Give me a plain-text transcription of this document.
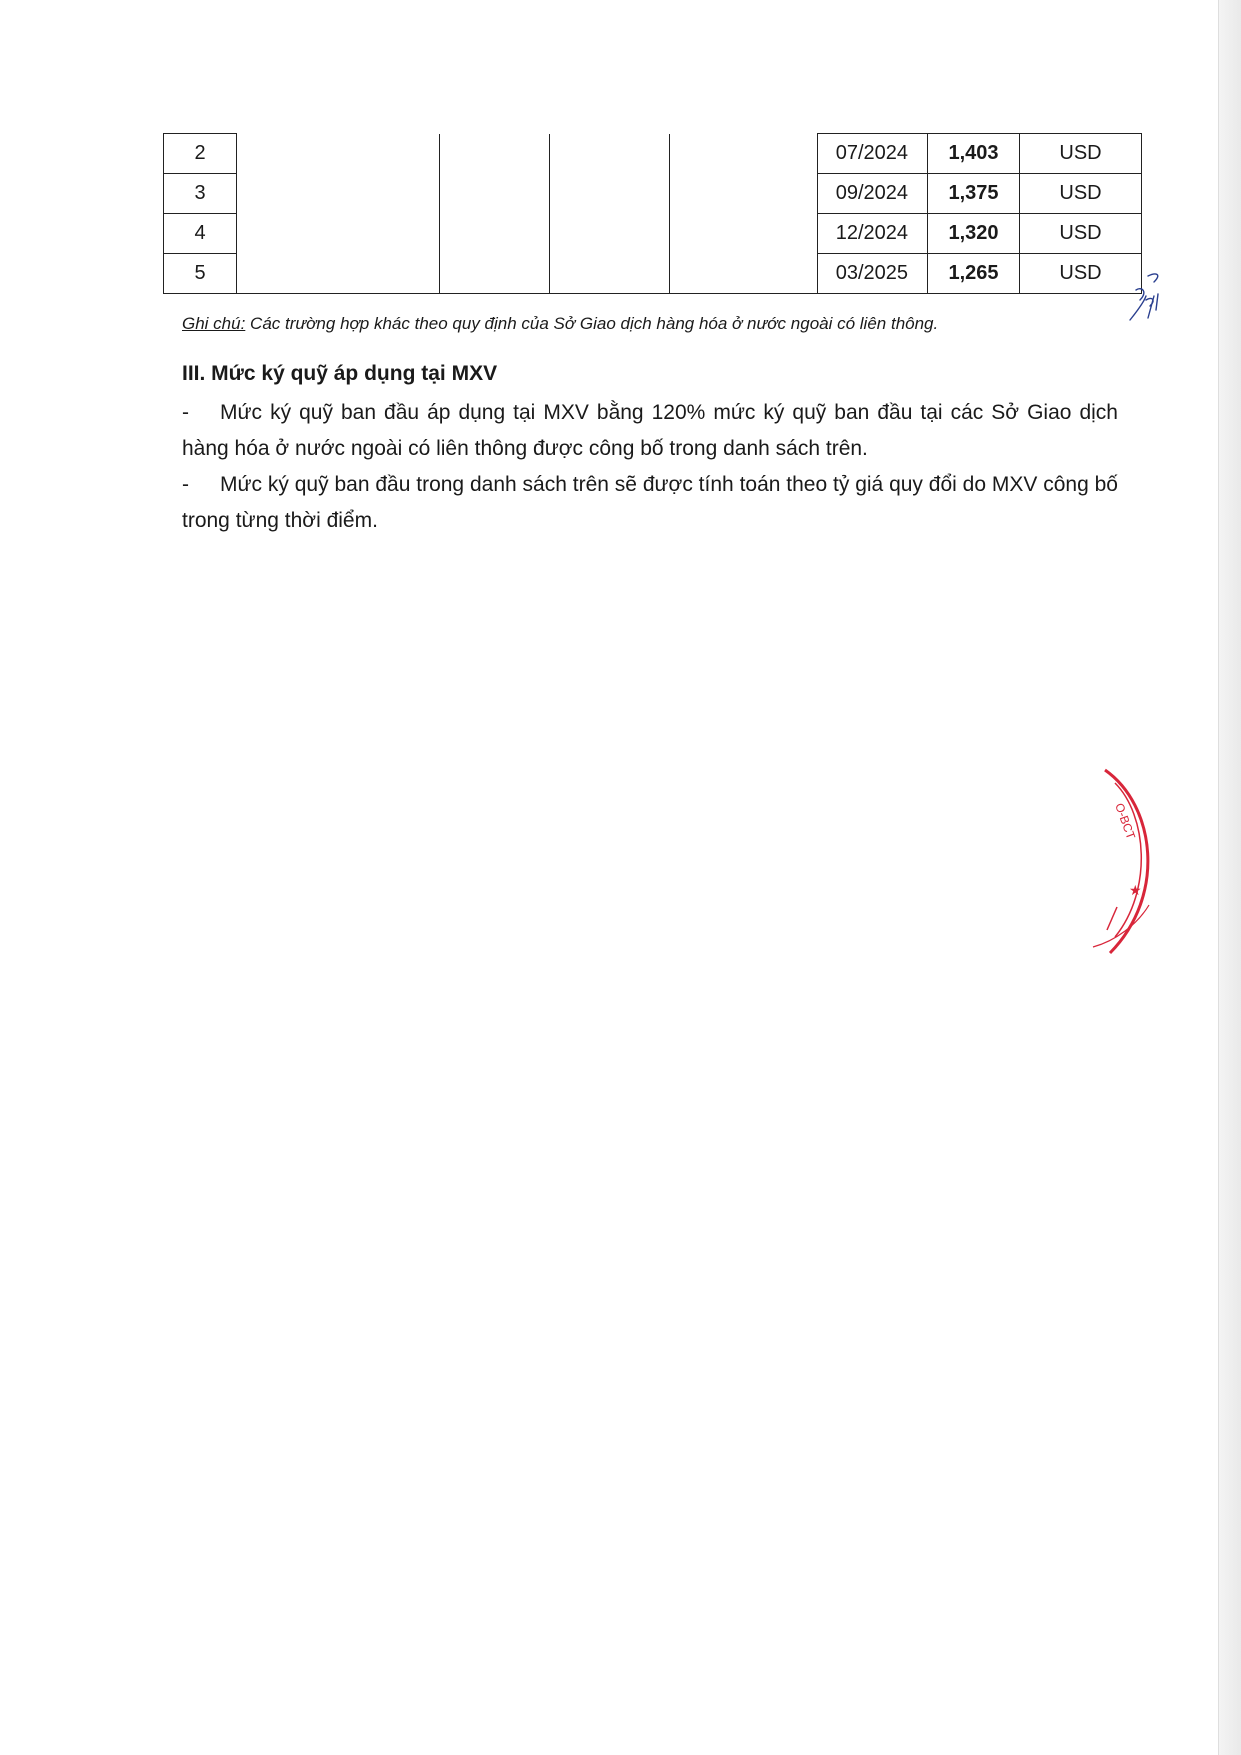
2					07/2024	1,403	USD
3					09/2024	1,375	USD
4					12/2024	1,320	USD
5					03/2025	1,265	USD
Ghi chú: Các trường hợp khác theo quy định của Sở Giao dịch hàng hóa ở nước ngoài có liên thông.
III. Mức ký quỹ áp dụng tại MXV

- Mức ký quỹ ban đầu áp dụng tại MXV bằng 120% mức ký quỹ ban đầu tại các Sở Giao dịch hàng hóa ở nước ngoài có liên thông được công bố trong danh sách trên.

- Mức ký quỹ ban đầu trong danh sách trên sẽ được tính toán theo tỷ giá quy đổi do MXV công bố trong từng thời điểm.

O-BCT
★
